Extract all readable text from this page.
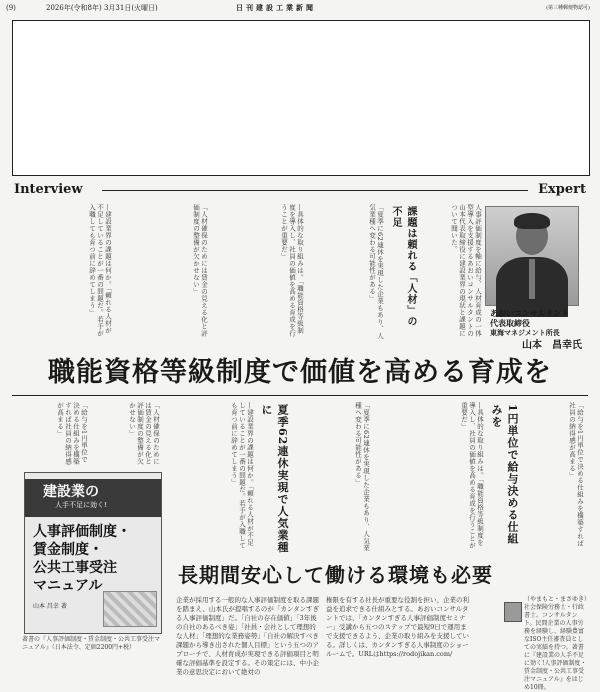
(9)	2026年(令和8年) 3月31日(火曜日)	日刊建設工業新聞	(第三種郵便物認可)
Interview	Expert
―建設業界の課題は何か。「頼れる人材が不足していることが一番の問題だ。若手が入職しても育つ前に辞めてしまう」	「人材確保のためには賃金の見える化と評価制度の整備が欠かせない」	―具体的な取り組みは。「職能資格等級制度を導入し、社員の価値を高める育成を行うことが重要だ」	「夏季に62連休を実現した企業もあり、人気業種へ変わる可能性がある」	課題は頼れる「人材」の不足	人事評価制度を軸に給与、人材育成の一体型導入を支援するあおいコンサルタントの山本代表取締役に建設業界の現状と課題について聞いた。
あおいコンサルタント
代表取締役
東海マネジメント所長
山本　昌幸氏
職能資格等級制度で価値を高める育成を
「給与を1円単位で決める仕組みを構築すれば社員の納得感が高まる」	「人材確保のためには賃金の見える化と評価制度の整備が欠かせない」	―建設業界の課題は何か。「頼れる人材が不足していることが一番の問題だ。若手が入職しても育つ前に辞めてしまう」	夏季62連休実現で人気業種に	「夏季に62連休を実現した企業もあり、人気業種へ変わる可能性がある」	―具体的な取り組みは。「職能資格等級制度を導入し、社員の価値を高める育成を行うことが重要だ」	1円単位で給与決める仕組みを	「給与を1円単位で決める仕組みを構築すれば社員の納得感が高まる」
建設業の
人手不足に効く!
人事評価制度・
賃金制度・
公共工事受注
マニュアル
山本 昌幸 著
著書の『人事評価制度・賃金制度・公共工事受注マニュアル』（日本法令、定価2200円+税）
長期間安心して働ける環境も必要
企業が採用する一般的な人事評価制度を取る課題を踏まえ、山本氏が提唱するのが「カンタンすぎる人事評価制度」だ。「自社の存在価値」「3年後の自社のあるべき姿」「社員・会社として理想的な人材」「理想的な業務姿勢」「自社の解決すべき課題から導き出された個人目標」という五つのアプローチで、人材育成が実現できる評価項目と明確な評価基準を設定する。その策定には、中小企業の意思決定において絶対の
権限を有する社長が重要な役割を担い、企業の利益を追求できる仕組みとする。あおいコンサルタントでは、「カンタンすぎる人事評価制度セミナー」受講から五つのステップで最短9日で運用まで支援できるよう、企業の取り組みを支援している。詳しくは、カンタンすぎる人事制度のショールームで。URLはhttps://rodojikan.com/
（やまもと・まさゆき）社会保険労務士・行政書士。コンサルタント。民間企業の人事労務を経験し、経験豊富なISO主任審査員としての実績を持つ。著書に『建設業の人手不足に効く!人事評価制度・賃金制度・公共工事受注マニュアル』をはじめ10冊。
